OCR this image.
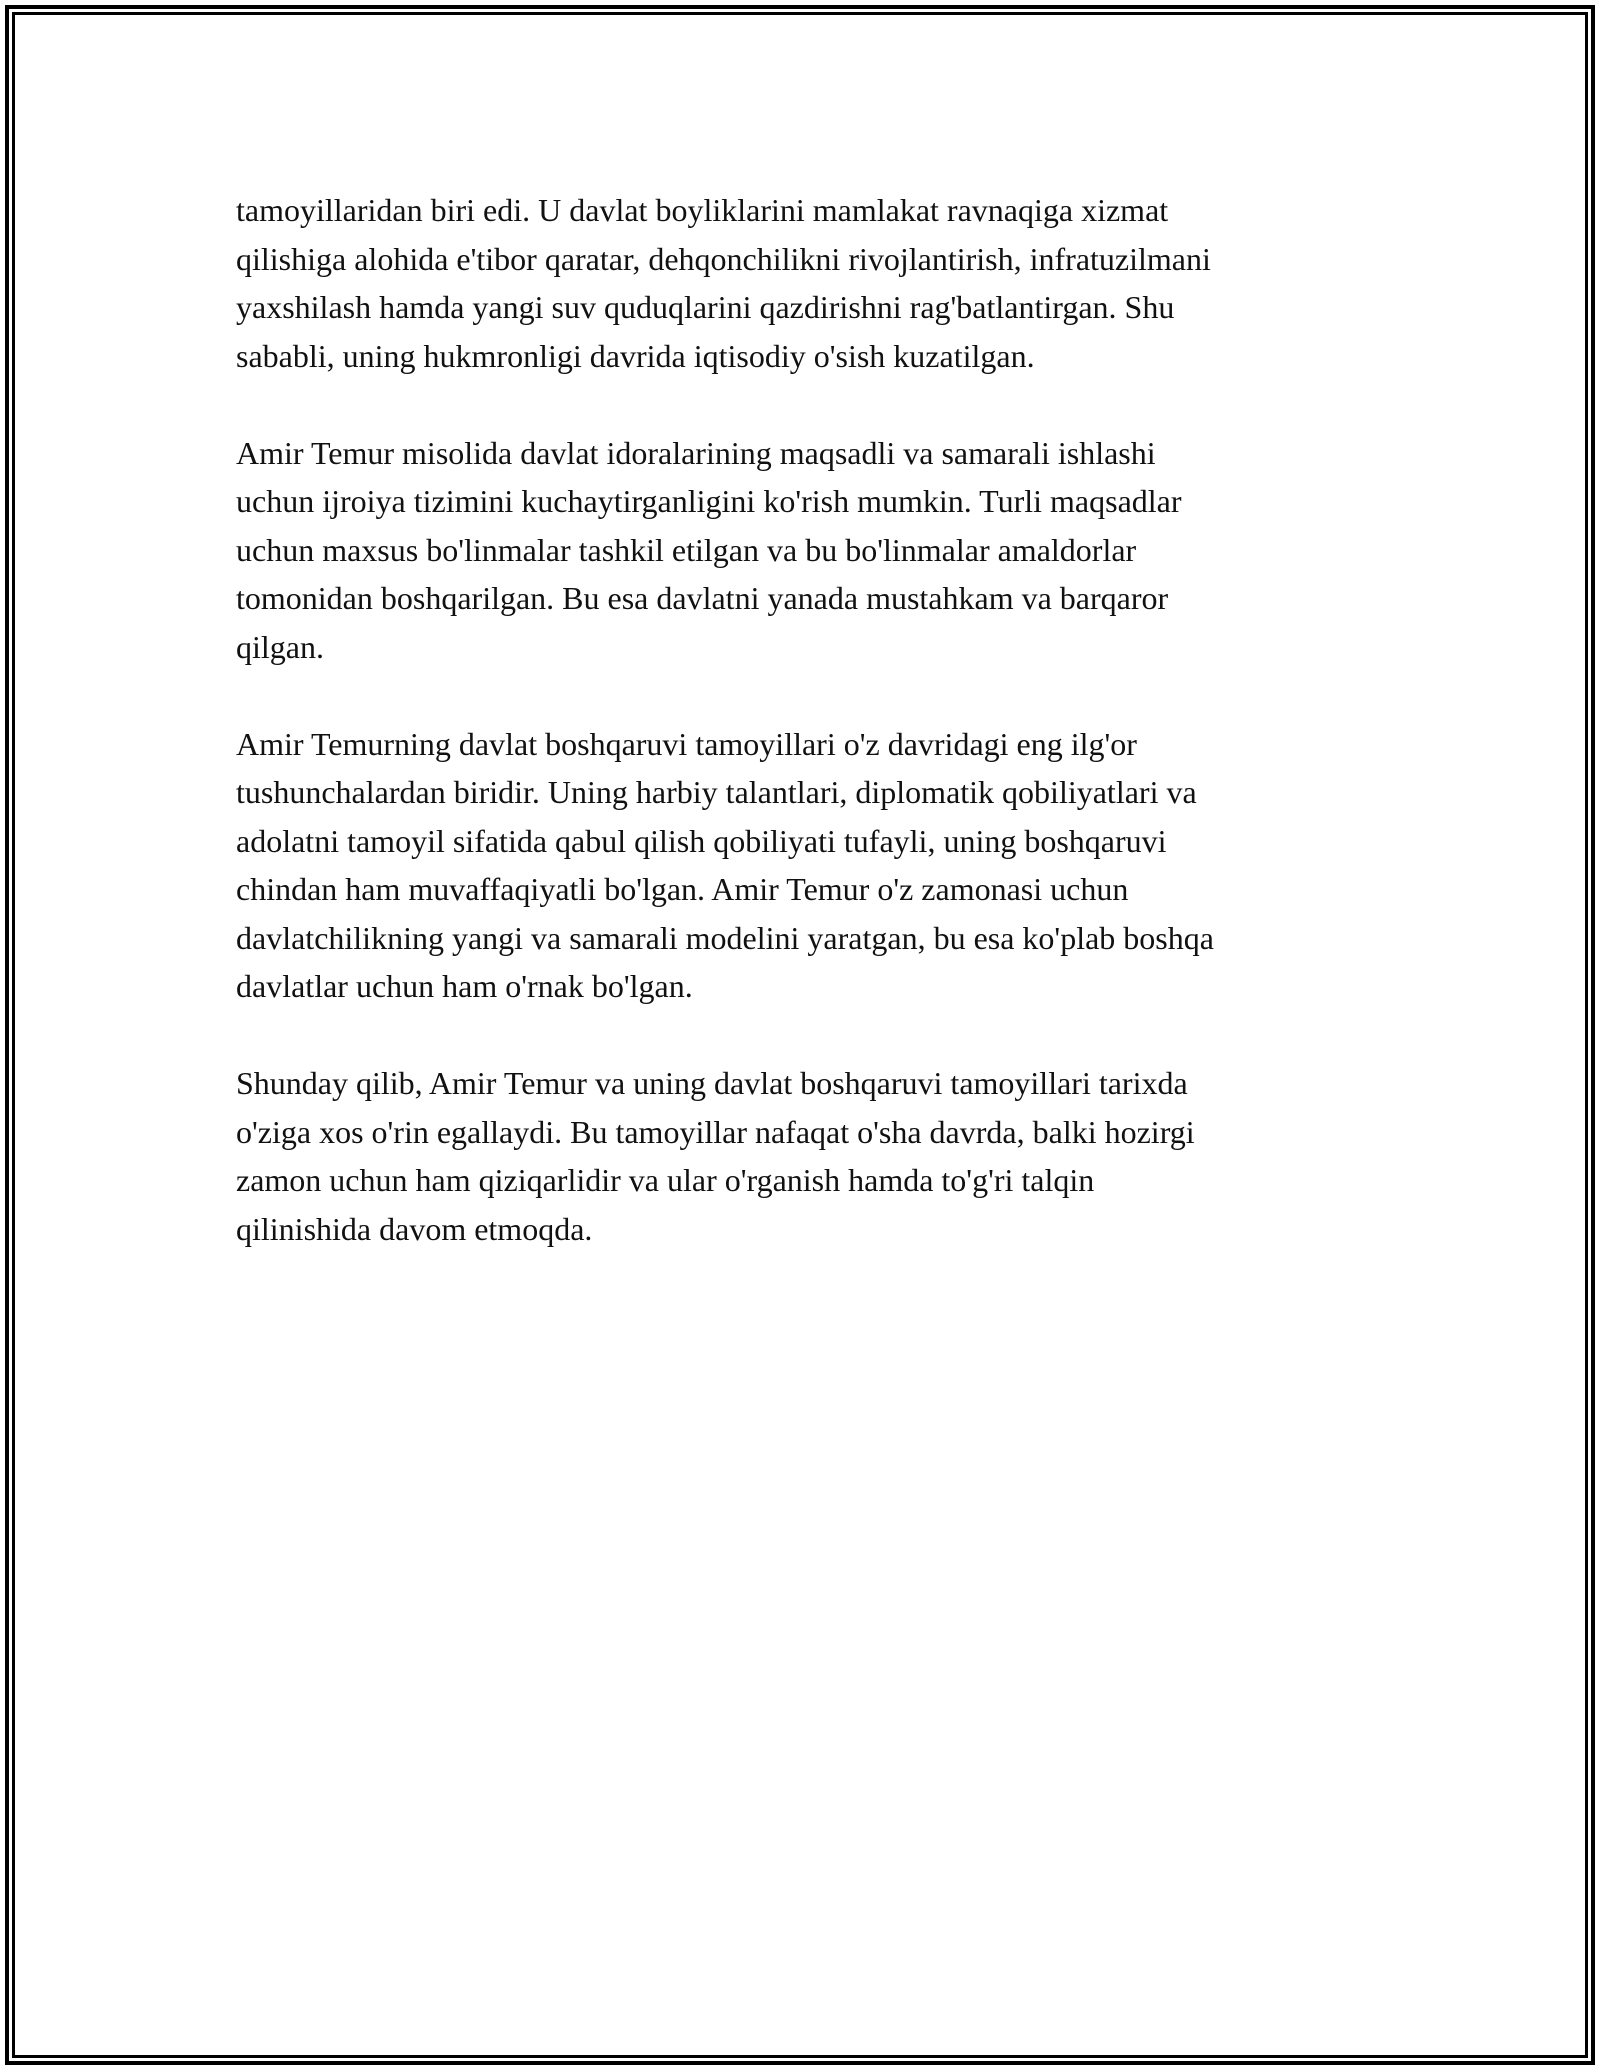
tamoyillaridan biri edi. U davlat boyliklarini mamlakat ravnaqiga xizmat
qilishiga alohida e'tibor qaratar, dehqonchilikni rivojlantirish, infratuzilmani
yaxshilash hamda yangi suv quduqlarini qazdirishni rag'batlantirgan. Shu
sababli, uning hukmronligi davrida iqtisodiy o'sish kuzatilgan.

Amir Temur misolida davlat idoralarining maqsadli va samarali ishlashi
uchun ijroiya tizimini kuchaytirganligini ko'rish mumkin. Turli maqsadlar
uchun maxsus bo'linmalar tashkil etilgan va bu bo'linmalar amaldorlar
tomonidan boshqarilgan. Bu esa davlatni yanada mustahkam va barqaror
qilgan.

Amir Temurning davlat boshqaruvi tamoyillari o'z davridagi eng ilg'or
tushunchalardan biridir. Uning harbiy talantlari, diplomatik qobiliyatlari va
adolatni tamoyil sifatida qabul qilish qobiliyati tufayli, uning boshqaruvi
chindan ham muvaffaqiyatli bo'lgan. Amir Temur o'z zamonasi uchun
davlatchilikning yangi va samarali modelini yaratgan, bu esa ko'plab boshqa
davlatlar uchun ham o'rnak bo'lgan.

Shunday qilib, Amir Temur va uning davlat boshqaruvi tamoyillari tarixda
o'ziga xos o'rin egallaydi. Bu tamoyillar nafaqat o'sha davrda, balki hozirgi
zamon uchun ham qiziqarlidir va ular o'rganish hamda to'g'ri talqin
qilinishida davom etmoqda.
